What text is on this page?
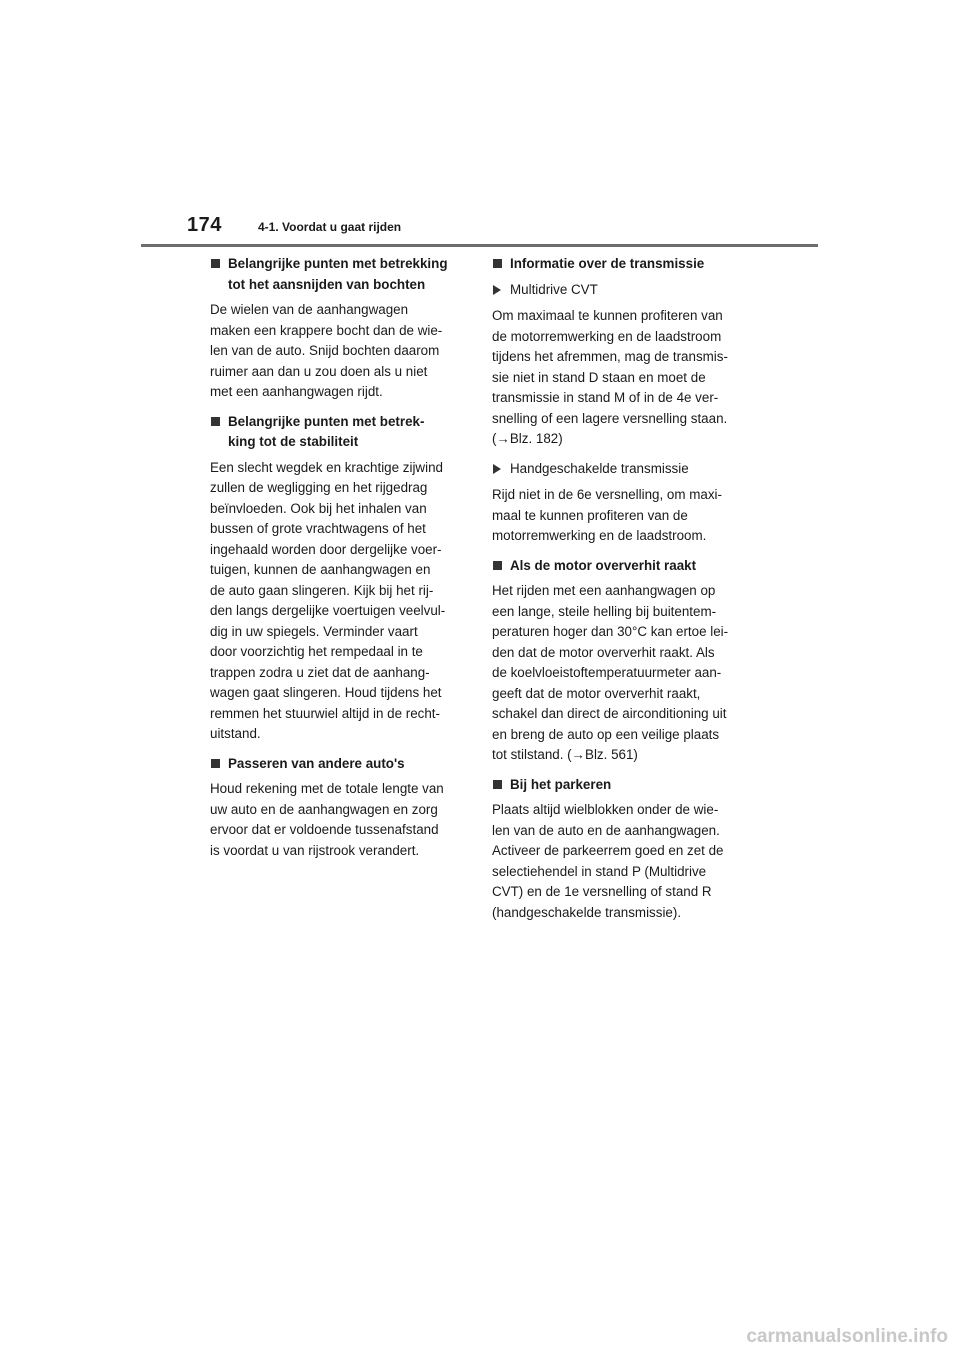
174	4-1. Voordat u gaat rijden
Belangrijke punten met betrekking
tot het aansnijden van bochten
De wielen van de aanhangwagen
maken een krappere bocht dan de wie-
len van de auto. Snijd bochten daarom
ruimer aan dan u zou doen als u niet
met een aanhangwagen rijdt.
Belangrijke punten met betrek-
king tot de stabiliteit
Een slecht wegdek en krachtige zijwind
zullen de wegligging en het rijgedrag
beïnvloeden. Ook bij het inhalen van
bussen of grote vrachtwagens of het
ingehaald worden door dergelijke voer-
tuigen, kunnen de aanhangwagen en
de auto gaan slingeren. Kijk bij het rij-
den langs dergelijke voertuigen veelvul-
dig in uw spiegels. Verminder vaart
door voorzichtig het rempedaal in te
trappen zodra u ziet dat de aanhang-
wagen gaat slingeren. Houd tijdens het
remmen het stuurwiel altijd in de recht-
uitstand.
Passeren van andere auto's
Houd rekening met de totale lengte van
uw auto en de aanhangwagen en zorg
ervoor dat er voldoende tussenafstand
is voordat u van rijstrook verandert.
Informatie over de transmissie
Multidrive CVT
Om maximaal te kunnen profiteren van
de motorremwerking en de laadstroom
tijdens het afremmen, mag de transmis-
sie niet in stand D staan en moet de
transmissie in stand M of in de 4e ver-
snelling of een lagere versnelling staan.
(→Blz. 182)
Handgeschakelde transmissie
Rijd niet in de 6e versnelling, om maxi-
maal te kunnen profiteren van de
motorremwerking en de laadstroom.
Als de motor oververhit raakt
Het rijden met een aanhangwagen op
een lange, steile helling bij buitentem-
peraturen hoger dan 30°C kan ertoe lei-
den dat de motor oververhit raakt. Als
de koelvloeistoftemperatuurmeter aan-
geeft dat de motor oververhit raakt,
schakel dan direct de airconditioning uit
en breng de auto op een veilige plaats
tot stilstand. (→Blz. 561)
Bij het parkeren
Plaats altijd wielblokken onder de wie-
len van de auto en de aanhangwagen.
Activeer de parkeerrem goed en zet de
selectiehendel in stand P (Multidrive
CVT) en de 1e versnelling of stand R
(handgeschakelde transmissie).
carmanualsonline.info
